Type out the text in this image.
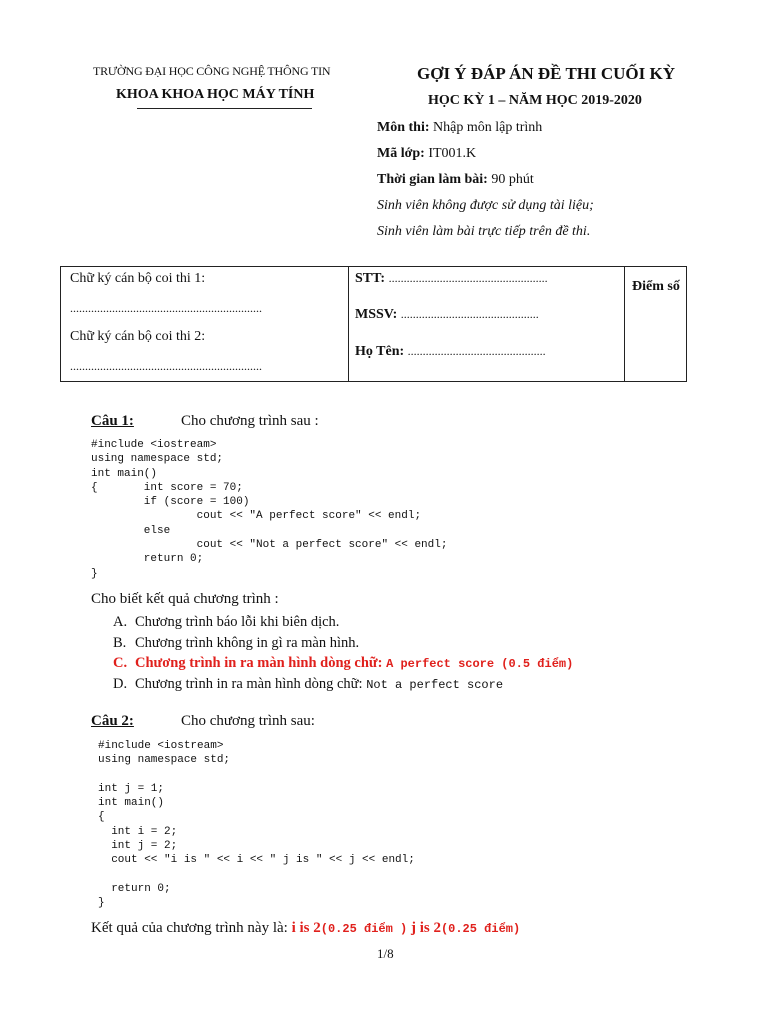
TRƯỜNG ĐẠI HỌC CÔNG NGHỆ THÔNG TIN
KHOA KHOA HỌC MÁY TÍNH
GỢI Ý ĐÁP ÁN ĐỀ THI CUỐI KỲ
HỌC KỲ 1 – NĂM HỌC 2019-2020
Môn thi: Nhập môn lập trình
Mã lớp: IT001.K
Thời gian làm bài: 90 phút
Sinh viên không được sử dụng tài liệu;
Sinh viên làm bài trực tiếp trên đề thi.
Chữ ký cán bộ coi thi 1:
................................................................
Chữ ký cán bộ coi thi 2:
................................................................

STT: .....................................................
MSSV: ..............................................
Họ Tên: ..............................................

Điểm số
Câu 1:	Cho chương trình sau :
#include <iostream>
using namespace std;
int main()
{       int score = 70;
if (score = 100)
cout << "A perfect score" << endl;
else
cout << "Not a perfect score" << endl;
return 0;
}
Cho biết kết quả chương trình :
A. Chương trình báo lỗi khi biên dịch.
B. Chương trình không in gì ra màn hình.
C. Chương trình in ra màn hình dòng chữ: A perfect score (0.5 điểm)
D. Chương trình in ra màn hình dòng chữ: Not a perfect score
Câu 2:	Cho chương trình sau:
#include <iostream>
using namespace std;

int j = 1;
int main()
{
int i = 2;
int j = 2;
cout << "i is " << i << " j is " << j << endl;

return 0;
}
Kết quả của chương trình này là: i is 2(0.25 điểm ) j is 2(0.25 điểm)
1/8
